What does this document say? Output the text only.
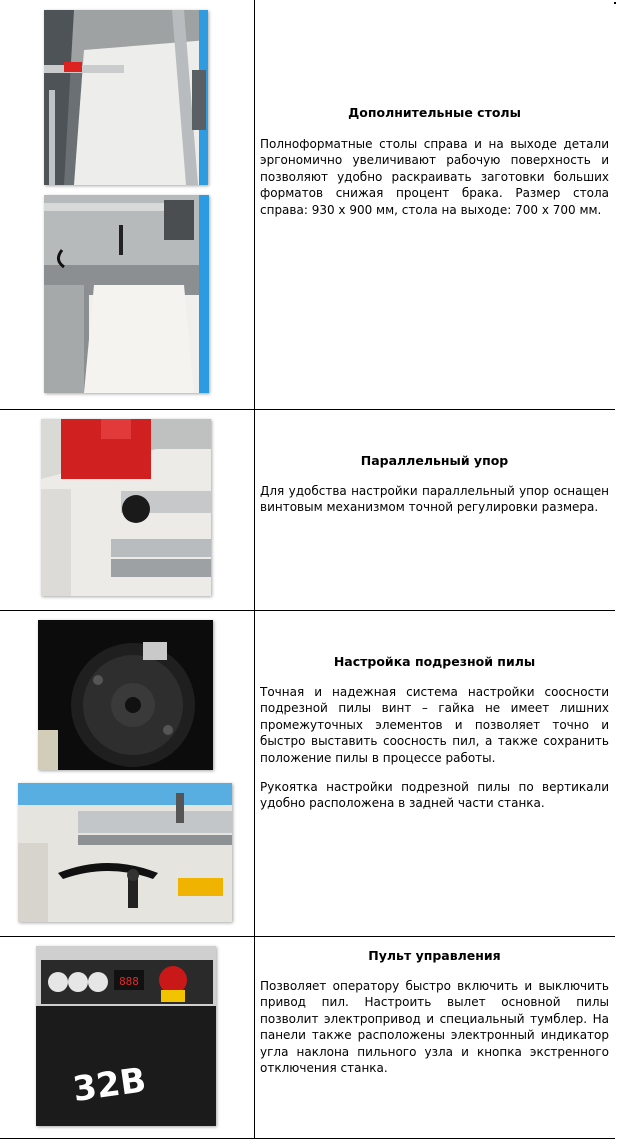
Дополнительные столы

Полноформатные столы справа и на выходе детали эргономично увеличивают рабочую поверхность и позволяют удобно раскраивать заготовки больших форматов снижая процент брака. Размер стола справа: 930 х 900 мм, стола на выходе: 700 х 700 мм.

Параллельный упор

Для удобства настройки параллельный упор оснащен винтовым механизмом точной регулировки размера.

Настройка подрезной пилы

Точная и надежная система настройки соосности подрезной пилы винт – гайка не имеет лишних промежуточных элементов и позволяет точно и быстро выставить соосность пил, а также сохранить положение пилы в процессе работы.

Рукоятка настройки подрезной пилы по вертикали удобно расположена в задней части станка.

888
32B
Пульт управления

Позволяет оператору быстро включить и выключить привод пил. Настроить вылет основной пилы позволит электропривод и специальный тумблер. На панели также расположены электронный индикатор угла наклона пильного узла и кнопка экстренного отключения станка.
